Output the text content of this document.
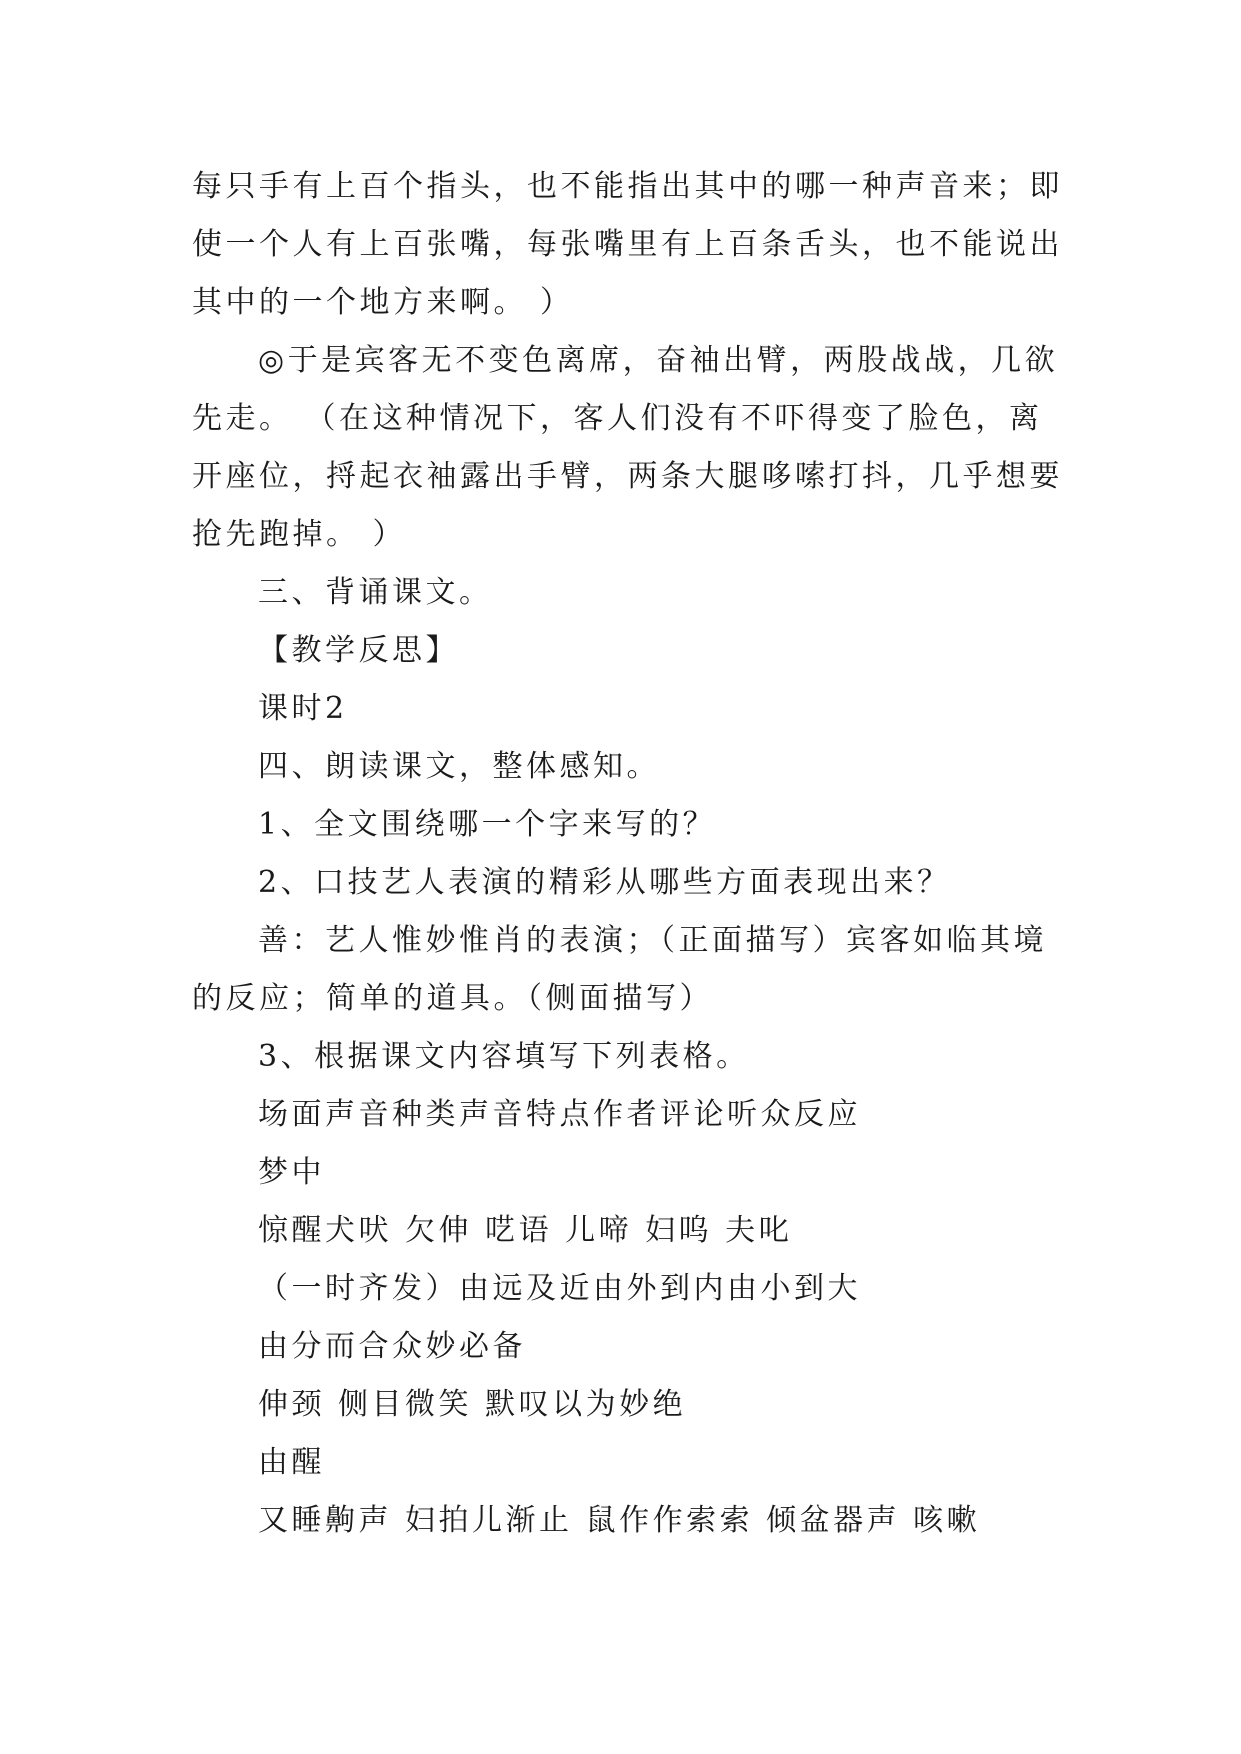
每只手有上百个指头，也不能指出其中的哪一种声音来；即
使一个人有上百张嘴，每张嘴里有上百条舌头，也不能说出
其中的一个地方来啊。 ）
◎于是宾客无不变色离席，奋袖出臂，两股战战，几欲
先走。 （在这种情况下，客人们没有不吓得变了脸色，离
开座位，捋起衣袖露出手臂，两条大腿哆嗦打抖，几乎想要
抢先跑掉。 ）
三、背诵课文。
【教学反思】
课时2
四、朗读课文，整体感知。
1、全文围绕哪一个字来写的？
2、口技艺人表演的精彩从哪些方面表现出来？
善：艺人惟妙惟肖的表演；（正面描写）宾客如临其境
的反应；简单的道具。（侧面描写）
3、根据课文内容填写下列表格。
场面声音种类声音特点作者评论听众反应
梦中
惊醒犬吠 欠伸 呓语 儿啼 妇呜 夫叱
（一时齐发）由远及近由外到内由小到大
由分而合众妙必备
伸颈 侧目微笑 默叹以为妙绝
由醒
又睡齁声 妇拍儿渐止 鼠作作索索 倾盆器声 咳嗽
